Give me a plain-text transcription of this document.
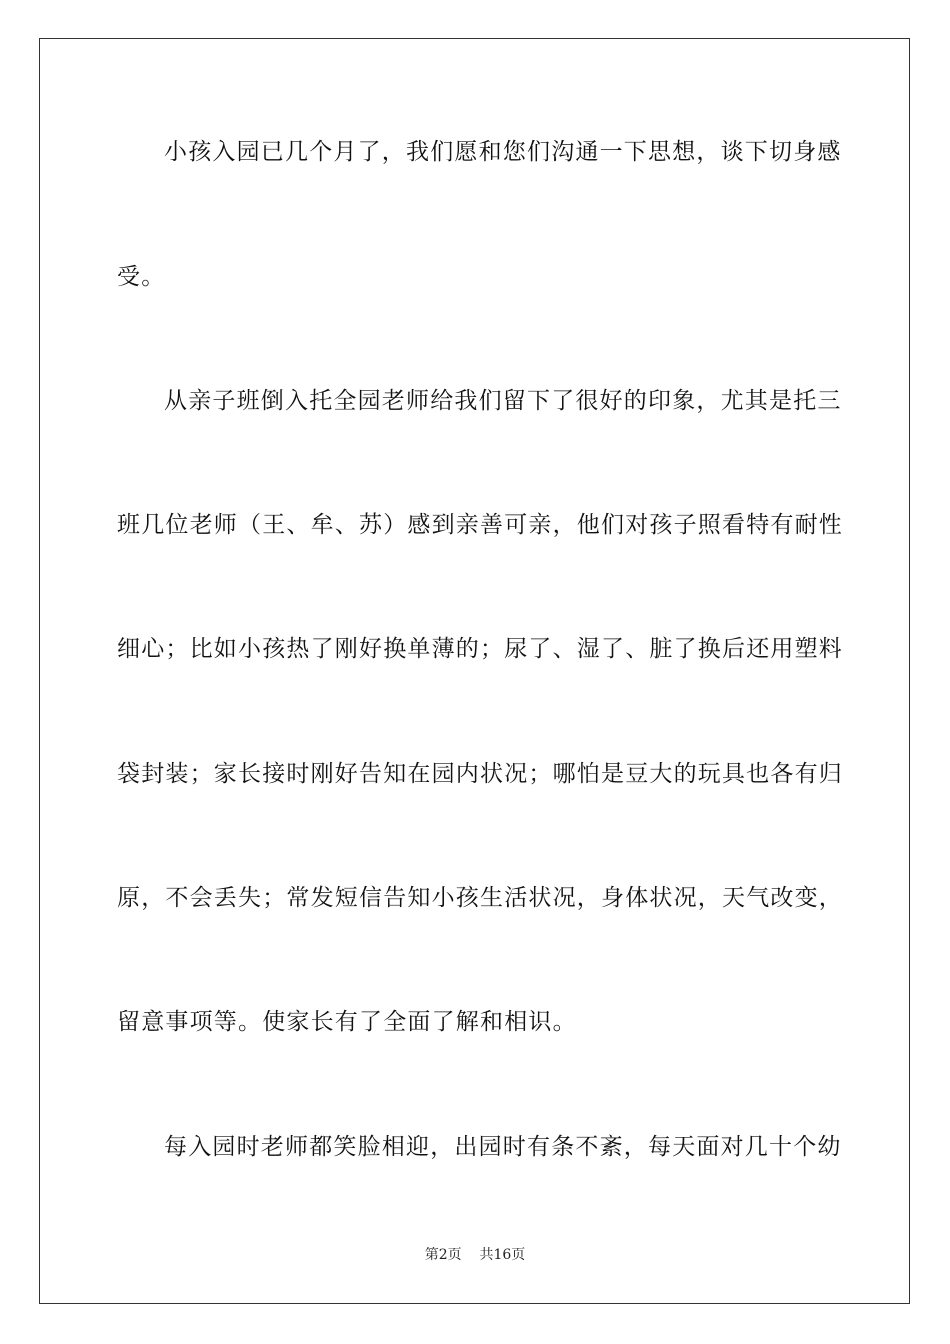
小孩入园已几个月了，我们愿和您们沟通一下思想，谈下切身感
受。
从亲子班倒入托全园老师给我们留下了很好的印象，尤其是托三
班几位老师（王、牟、苏）感到亲善可亲，他们对孩子照看特有耐性
细心；比如小孩热了刚好换单薄的；尿了、湿了、脏了换后还用塑料
袋封装；家长接时刚好告知在园内状况；哪怕是豆大的玩具也各有归
原，不会丢失；常发短信告知小孩生活状况，身体状况，天气改变，
留意事项等。使家长有了全面了解和相识。
每入园时老师都笑脸相迎，出园时有条不紊，每天面对几十个幼
第2页 共16页
